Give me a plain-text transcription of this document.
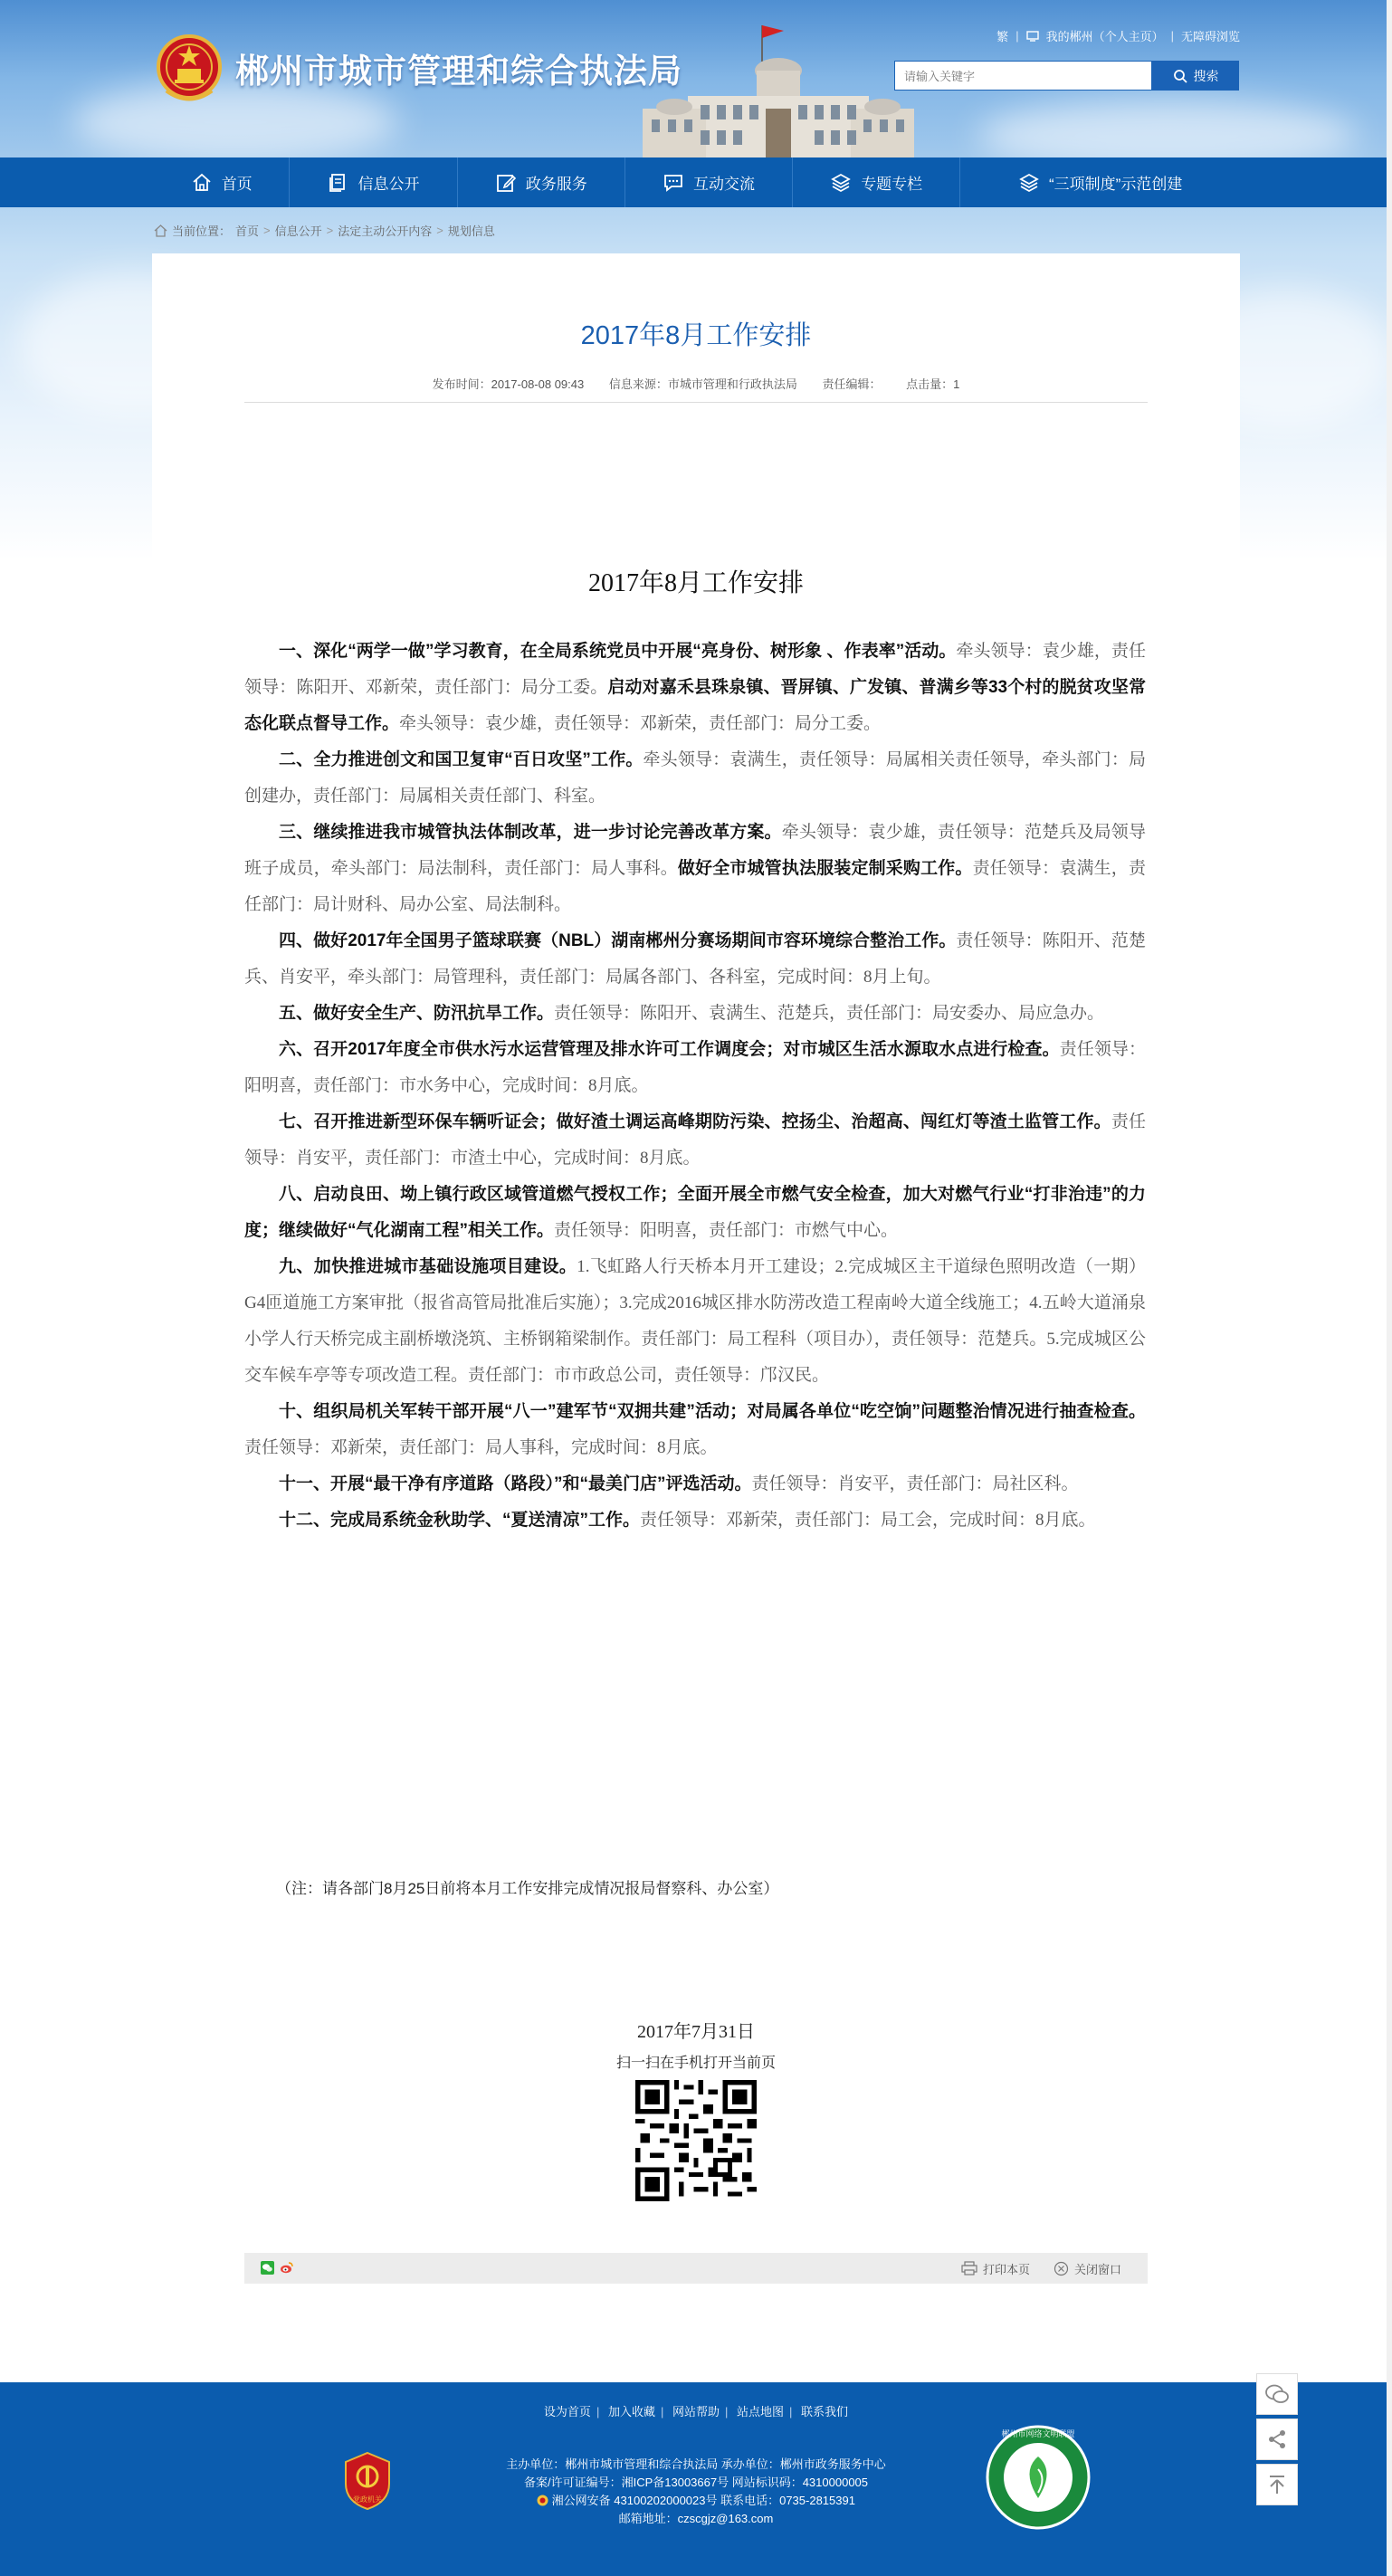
郴州市城市管理和综合执法局
繁 | 我的郴州（个人主页） | 无障碍浏览
请输入关键字
搜索
首页	信息公开	政务服务	互动交流	专题专栏	“三项制度”示范创建
当前位置： 首页 > 信息公开 > 法定主动公开内容 > 规划信息
2017年8月工作安排
发布时间：2017-08-08 09:43 信息来源：市城市管理和行政执法局 责任编辑： 点击量：1
2017年8月工作安排

一、深化“两学一做”学习教育，在全局系统党员中开展“亮身份、树形象 、作表率”活动。牵头领导：袁少雄，责任领导：陈阳开、邓新荣，责任部门：局分工委。启动对嘉禾县珠泉镇、晋屏镇、广发镇、普满乡等33个村的脱贫攻坚常态化联点督导工作。牵头领导：袁少雄，责任领导：邓新荣，责任部门：局分工委。

二、全力推进创文和国卫复审“百日攻坚”工作。牵头领导：袁满生，责任领导：局属相关责任领导，牵头部门：局创建办，责任部门：局属相关责任部门、科室。

三、继续推进我市城管执法体制改革，进一步讨论完善改革方案。牵头领导：袁少雄，责任领导：范楚兵及局领导班子成员，牵头部门：局法制科，责任部门：局人事科。做好全市城管执法服装定制采购工作。责任领导：袁满生，责任部门：局计财科、局办公室、局法制科。

四、做好2017年全国男子篮球联赛（NBL）湖南郴州分赛场期间市容环境综合整治工作。责任领导：陈阳开、范楚兵、肖安平，牵头部门：局管理科，责任部门：局属各部门、各科室，完成时间：8月上旬。

五、做好安全生产、防汛抗旱工作。责任领导：陈阳开、袁满生、范楚兵，责任部门：局安委办、局应急办。

六、召开2017年度全市供水污水运营管理及排水许可工作调度会；对市城区生活水源取水点进行检查。责任领导：阳明喜，责任部门：市水务中心，完成时间：8月底。

七、召开推进新型环保车辆听证会；做好渣土调运高峰期防污染、控扬尘、治超高、闯红灯等渣土监管工作。责任领导：肖安平，责任部门：市渣土中心，完成时间：8月底。

八、启动良田、坳上镇行政区域管道燃气授权工作；全面开展全市燃气安全检查，加大对燃气行业“打非治违”的力度；继续做好“气化湖南工程”相关工作。责任领导：阳明喜，责任部门：市燃气中心。

九、加快推进城市基础设施项目建设。1.飞虹路人行天桥本月开工建设；2.完成城区主干道绿色照明改造（一期）G4匝道施工方案审批（报省高管局批准后实施）；3.完成2016城区排水防涝改造工程南岭大道全线施工；4.五岭大道涌泉小学人行天桥完成主副桥墩浇筑、主桥钢箱梁制作。责任部门：局工程科（项目办），责任领导：范楚兵。5.完成城区公交车候车亭等专项改造工程。责任部门：市市政总公司，责任领导：邝汉民。

十、组织局机关军转干部开展“八一”建军节“双拥共建”活动；对局属各单位“吃空饷”问题整治情况进行抽查检查。责任领导：邓新荣，责任部门：局人事科，完成时间：8月底。

十一、开展“最干净有序道路（路段）”和“最美门店”评选活动。责任领导：肖安平，责任部门：局社区科。

十二、完成局系统金秋助学、“夏送清凉”工作。责任领导：邓新荣，责任部门：局工会，完成时间：8月底。

（注：请各部门8月25日前将本月工作安排完成情况报局督察科、办公室）
2017年7月31日
扫一扫在手机打开当前页
打印本页	关闭窗口
设为首页 | 加入收藏 | 网站帮助 | 站点地图 | 联系我们
党政机关
主办单位：郴州市城市管理和综合执法局 承办单位：郴州市政务服务中心
备案/许可证编号：湘ICP备13003667号 网站标识码：4310000005
湘公网安备 43100202000023号 联系电话：0735-2815391
邮箱地址：czscgjz@163.com
郴州市网络文明联盟
